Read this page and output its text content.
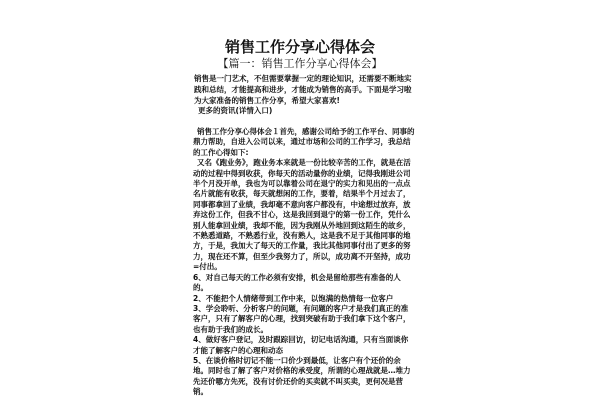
销售工作分享心得体会
【篇一：销售工作分享心得体会】

销售是一门艺术，不但需要掌握一定的理论知识，还需要不断地实践和总结，才能提高和进步，才能成为销售的高手。下面是学习啦为大家准备的销售工作分享，希望大家喜欢!

更多的资讯(详情入口)

销售工作分享心得体会１首先，感谢公司给予的工作平台、同事的鼎力帮助，自进入公司以来，通过市场和公司的工作学习，我总结的工作心得如下:

又名《跑业务》，跑业务本来就是一份比较辛苦的工作，就是在活动的过程中得到收获，你每天的活动量你的业绩，记得我刚进公司半个月没开单，我也为可以靠着公司在退宁的实力和见出的一点点名片就能有收获，每天就想闲的工作，要着，结果半个月过去了，同事都拿回了业绩，我却毫不意向客户都没有，中途想过放弃，放弃这份工作，但我不甘心，这是我回到退宁的第一份工作，凭什么别人能拿回业绩，我却不能，因为我刚从外地回到这陌生的故乡，不熟悉道路，不熟悉行业，没有熟人，这是我不足于其他同事的地方，于是，我加大了每天的工作量，我比其他同事付出了更多的努力，现在还不算，但至少我努力了，所以，成功离不开坚持，成功=付出。

6、对自己每天的工作必须有安排，机会是留给那些有准备的人的。

2、不能把个人情绪带到工作中来，以饱满的热情每一位客户

3、学会聆听、分析客户的问题，有问题的客户才是我们真正的准客户，只有了解客户的心理，找到突破有助于我们拿下这个客户，也有助于我们的成长。

4、做好客户登记，及时跟踪回访，切记电话沟通，只有当面谈你才能了解客户的心理和动态

5、在谈价格时切记不能一口价少到最低，让客户有个还价的余地。同时也了解了客户对价格的承受度，所谓的心理战就是…堆力先还价哪方先死，没有讨价还价的买卖就不叫买卖，更何况是营销。
